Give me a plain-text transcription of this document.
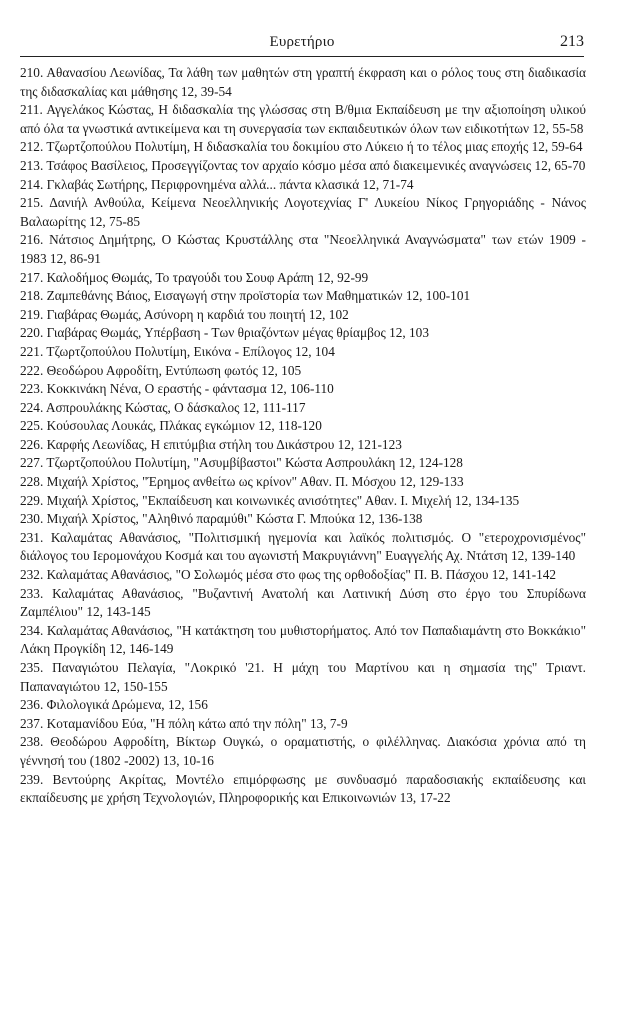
Ευρετήριο	213
210. Αθανασίου Λεωνίδας, Τα λάθη των μαθητών στη γραπτή έκφραση και ο ρόλος τους στη διαδικασία της διδασκαλίας και μάθησης 12, 39-54
211. Αγγελάκος Κώστας, Η διδασκαλία της γλώσσας στη Β/θμια Εκπαίδευση με την αξιοποίηση υλικού από όλα τα γνωστικά αντικείμενα και τη συνεργασία των εκπαιδευτικών όλων των ειδικοτήτων 12, 55-58
212. Τζωρτζοπούλου Πολυτίμη, Η διδασκαλία του δοκιμίου στο Λύκειο ή το τέλος μιας εποχής 12, 59-64
213. Τσάφος Βασίλειος, Προσεγγίζοντας τον αρχαίο κόσμο μέσα από διακειμενικές αναγνώσεις 12, 65-70
214. Γκλαβάς Σωτήρης, Περιφρονημένα αλλά... πάντα κλασικά 12, 71-74
215. Δανιήλ Ανθούλα, Κείμενα Νεοελληνικής Λογοτεχνίας Γ' Λυκείου Νίκος Γρηγοριάδης - Νάνος Βαλαωρίτης 12, 75-85
216. Νάτσιος Δημήτρης, Ο Κώστας Κρυστάλλης στα "Νεοελληνικά Αναγνώσματα" των ετών 1909 - 1983 12, 86-91
217. Καλοδήμος Θωμάς, Το τραγούδι του Σουφ Αράπη 12, 92-99
218. Ζαμπεθάνης Βάιος, Εισαγωγή στην προϊστορία των Μαθηματικών 12, 100-101
219. Γιαβάρας Θωμάς, Ασύνορη η καρδιά του ποιητή 12, 102
220. Γιαβάρας Θωμάς, Υπέρβαση - Των θριαζόντων μέγας θρίαμβος 12, 103
221. Τζωρτζοπούλου Πολυτίμη, Εικόνα - Επίλογος 12, 104
222. Θεοδώρου Αφροδίτη, Εντύπωση φωτός 12, 105
223. Κοκκινάκη Νένα, Ο εραστής - φάντασμα 12, 106-110
224. Ασπρουλάκης Κώστας, Ο δάσκαλος 12, 111-117
225. Κούσουλας Λουκάς, Πλάκας εγκώμιον 12, 118-120
226. Καρφής Λεωνίδας, Η επιτύμβια στήλη του Δικάστρου 12, 121-123
227. Τζωρτζοπούλου Πολυτίμη, "Ασυμβίβαστοι" Κώστα Ασπρουλάκη 12, 124-128
228. Μιχαήλ Χρίστος, "Έρημος ανθείτω ως κρίνον" Αθαν. Π. Μόσχου 12, 129-133
229. Μιχαήλ Χρίστος, "Εκπαίδευση και κοινωνικές ανισότητες" Αθαν. Ι. Μιχελή 12, 134-135
230. Μιχαήλ Χρίστος, "Αληθινό παραμύθι" Κώστα Γ. Μπούκα 12, 136-138
231. Καλαμάτας Αθανάσιος, "Πολιτισμική ηγεμονία και λαϊκός πολιτισμός. Ο "ετεροχρονισμένος" διάλογος του Ιερομονάχου Κοσμά και του αγωνιστή Μακρυγιάννη" Ευαγγελής Αχ. Ντάτση 12, 139-140
232. Καλαμάτας Αθανάσιος, "Ο Σολωμός μέσα στο φως της ορθοδοξίας" Π. Β. Πάσχου 12, 141-142
233. Καλαμάτας Αθανάσιος, "Βυζαντινή Ανατολή και Λατινική Δύση στο έργο του Σπυρίδωνα Ζαμπέλιου" 12, 143-145
234. Καλαμάτας Αθανάσιος, "Η κατάκτηση του μυθιστορήματος. Από τον Παπαδιαμάντη στο Βοκκάκιο" Λάκη Προγκίδη 12, 146-149
235. Παναγιώτου Πελαγία, "Λοκρικό '21. Η μάχη του Μαρτίνου και η σημασία της" Τριαντ. Παπαναγιώτου 12, 150-155
236. Φιλολογικά Δρώμενα, 12, 156
237. Κοταμανίδου Εύα, "Η πόλη κάτω από την πόλη" 13, 7-9
238. Θεοδώρου Αφροδίτη, Βίκτωρ Ουγκώ, ο οραματιστής, ο φιλέλληνας. Διακόσια χρόνια από τη γέννησή του (1802 -2002) 13, 10-16
239. Βεντούρης Ακρίτας, Μοντέλο επιμόρφωσης με συνδυασμό παραδοσιακής εκπαίδευσης και εκπαίδευσης με χρήση Τεχνολογιών, Πληροφορικής και Επικοινωνιών 13, 17-22
